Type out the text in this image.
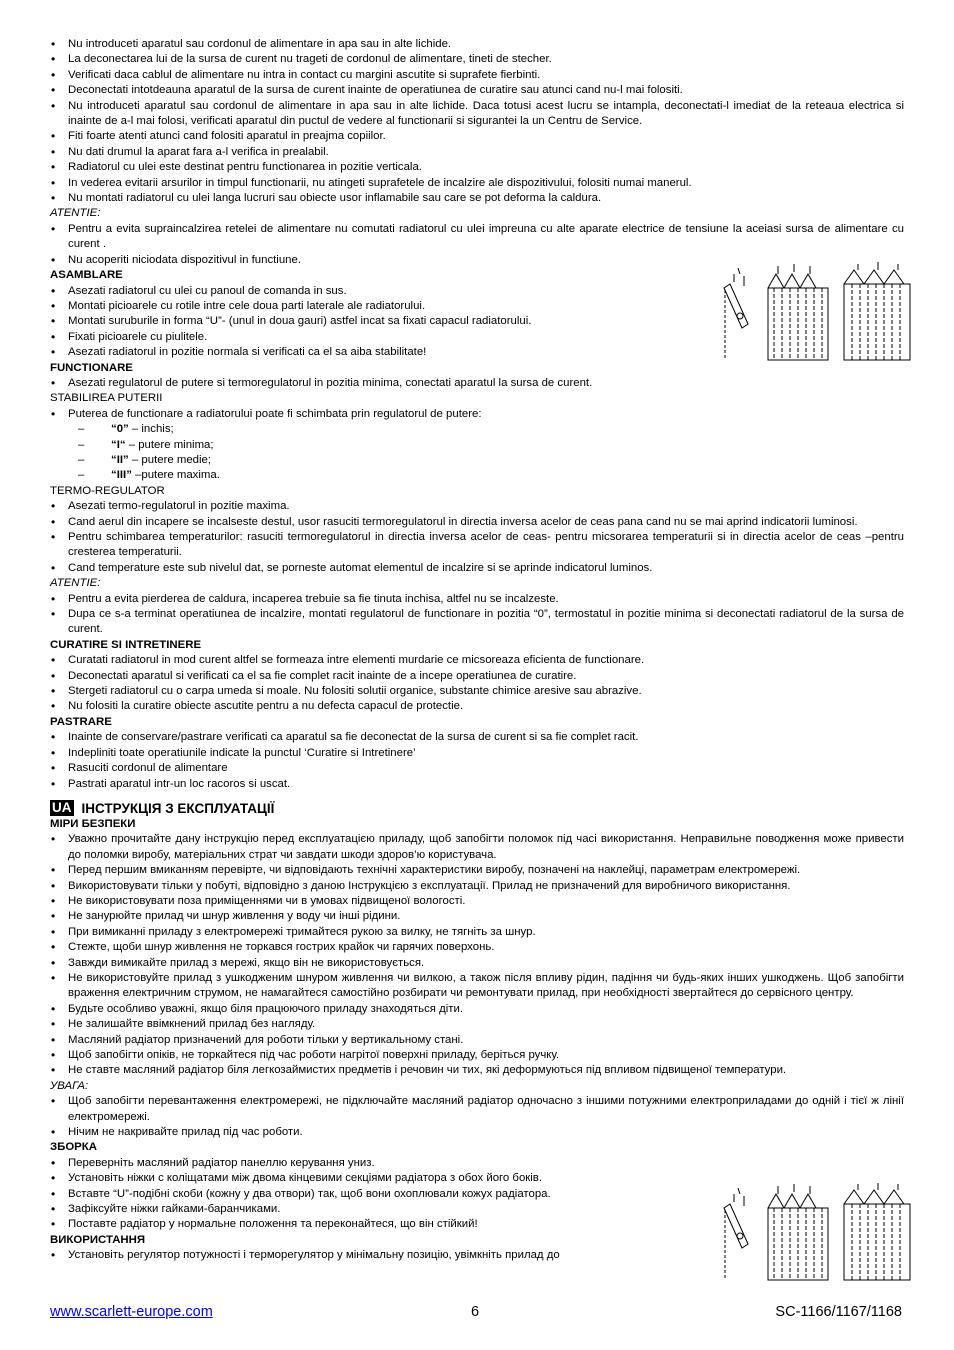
• Nu introduceti aparatul sau cordonul de alimentare in apa sau in alte lichide.
• La deconectarea lui de la sursa de curent nu trageti de cordonul de alimentare, tineti de stecher.
• Verificati daca cablul de alimentare nu intra in contact cu margini ascutite si suprafete fierbinti.
• Deconectati intotdeauna aparatul de la sursa de curent inainte de operatiunea de curatire sau atunci cand nu-l mai folositi.
• Nu introduceti aparatul sau cordonul de alimentare in apa sau in alte lichide. Daca totusi acest lucru se intampla, deconectati-l imediat de la reteaua electrica si inainte de a-l mai folosi, verificati aparatul din puctul de vedere al functionarii si sigurantei la un Centru de Service.
• Fiti foarte atenti atunci cand folositi aparatul in preajma copiilor.
• Nu dati drumul la aparat fara a-l verifica in prealabil.
• Radiatorul cu ulei este destinat pentru functionarea in pozitie verticala.
• In vederea evitarii arsurilor in timpul functionarii, nu atingeti suprafetele de incalzire ale dispozitivului, folositi numai manerul.
• Nu montati radiatorul cu ulei langa lucruri sau obiecte usor inflamabile sau care se pot deforma la caldura.
ATENTIE:
• Pentru a evita supraincalzirea retelei de alimentare nu comutati radiatorul cu ulei impreuna cu alte aparate electrice de tensiune la aceiasi sursa de alimentare cu curent .
• Nu acoperiti niciodata dispozitivul in functiune.
ASAMBLARE
• Asezati radiatorul cu ulei cu panoul de comanda in sus.
• Montati picioarele cu rotile intre cele doua parti laterale ale radiatorului.
• Montati suruburile in forma “U”- (unul in doua gauri) astfel incat sa fixati capacul radiatorului.
• Fixati picioarele cu piulitele.
• Asezati radiatorul in pozitie normala si verificati ca el sa aiba stabilitate!
FUNCTIONARE
• Asezati regulatorul de putere si termoregulatorul in pozitia minima, conectati aparatul la sursa de curent.
STABILIREA PUTERII
• Puterea de functionare a radiatorului poate fi schimbata prin regulatorul de putere:
– “0” – inchis;
– “I“ – putere minima;
– “II” – putere medie;
– “III” –putere maxima.
TERMO-REGULATOR
• Asezati termo-regulatorul in pozitie maxima.
• Cand aerul din incapere se incalseste destul, usor rasuciti termoregulatorul in directia inversa acelor de ceas pana cand nu se mai aprind indicatorii luminosi.
• Pentru schimbarea temperaturilor: rasuciti termoregulatorul in directia inversa acelor de ceas- pentru micsorarea temperaturii si in directia acelor de ceas –pentru cresterea temperaturii.
• Cand temperature este sub nivelul dat, se porneste automat elementul de incalzire si se aprinde indicatorul luminos.
ATENTIE:
• Pentru a evita pierderea de caldura, incaperea trebuie sa fie tinuta inchisa, altfel nu se incalzeste.
• Dupa ce s-a terminat operatiunea de incalzire, montati regulatorul de functionare in pozitia “0”, termostatul in pozitie minima si deconectati radiatorul de la sursa de curent.
CURATIRE SI INTRETINERE
• Curatati radiatorul in mod curent altfel se formeaza intre elementi murdarie ce micsoreaza eficienta de functionare.
• Deconectati aparatul si verificati ca el sa fie complet racit inainte de a incepe operatiunea de curatire.
• Stergeti radiatorul cu o carpa umeda si moale. Nu folositi solutii organice, substante chimice aresive sau abrazive.
• Nu folositi la curatire obiecte ascutite pentru a nu defecta capacul de protectie.
PASTRARE
• Inainte de conservare/pastrare verificati ca aparatul sa fie deconectat de la sursa de curent si sa fie complet racit.
• Indepliniti toate operatiunile indicate la punctul ‘Curatire si Intretinere’
• Rasuciti cordonul de alimentare
• Pastrati aparatul intr-un loc racoros si uscat.
UA ІНСТРУКЦІЯ З ЕКСПЛУАТАЦІЇ
МІРИ БЕЗПЕКИ
• Уважно прочитайте дану інструкцію перед експлуатацією приладу, щоб запобігти поломок під часі використання. Неправильне поводження може привести до поломки виробу, матеріальних страт чи завдати шкоди здоров’ю користувача.
• Перед першим вмиканням перевірте, чи відповідають технічні характеристики виробу, позначені на наклейці, параметрам електромережі.
• Використовувати тільки у побуті, відповідно з даною Інструкцією з експлуатації. Прилад не призначений для виробничого використання.
• Не використовувати поза приміщеннями чи в умовах підвищеної вологості.
• Не занурюйте прилад чи шнур живлення у воду чи інші рідини.
• При вимиканні приладу з електромережі тримайтеся рукою за вилку, не тягніть за шнур.
• Стежте, щоби шнур живлення не торкався гострих крайок чи гарячих поверхонь.
• Завжди вимикайте прилад з мережі, якщо він не використовується.
• Не використовуйте прилад з ушкодженим шнуром живлення чи вилкою, а також після впливу рідин, падіння чи будь-яких інших ушкоджень. Щоб запобігти враження електричним струмом, не намагайтеся самостійно розбирати чи ремонтувати прилад, при необхідності звертайтеся до сервісного центру.
• Будьте особливо уважні, якщо біля працюючого приладу знаходяться діти.
• Не залишайте ввімкнений прилад без нагляду.
• Масляний радіатор призначений для роботи тільки у вертикальному стані.
• Щоб запобігти опіків, не торкайтеся під час роботи нагрітої поверхні приладу, беріться ручку.
• Не ставте масляний радіатор біля легкозаймистих предметів і речовин чи тих, які деформуються під впливом підвищеної температури.
УВАГА:
• Щоб запобігти перевантаження електромережі, не підключайте масляний радіатор одночасно з іншими потужними електроприладами до одній і тієї ж лінії електромережі.
• Нічим не накривайте прилад під час роботи.
ЗБОРКА
• Переверніть масляний радіатор панеллю керування униз.
• Установіть ніжки с коліщатами між двома кінцевими секціями радіатора з обох його боків.
• Вставте “U”-подібні скоби (кожну у два отвори) так, щоб вони охоплювали кожух радіатора.
• Зафіксуйте ніжки гайками-баранчиками.
• Поставте радіатор у нормальне положення та переконайтеся, що він стійкий!
ВИКОРИСТАННЯ
• Установіть регулятор потужності і терморегулятор у мінімальну позицію, увімкніть прилад до
www.scarlett-europe.com	6	SC-1166/1167/1168
